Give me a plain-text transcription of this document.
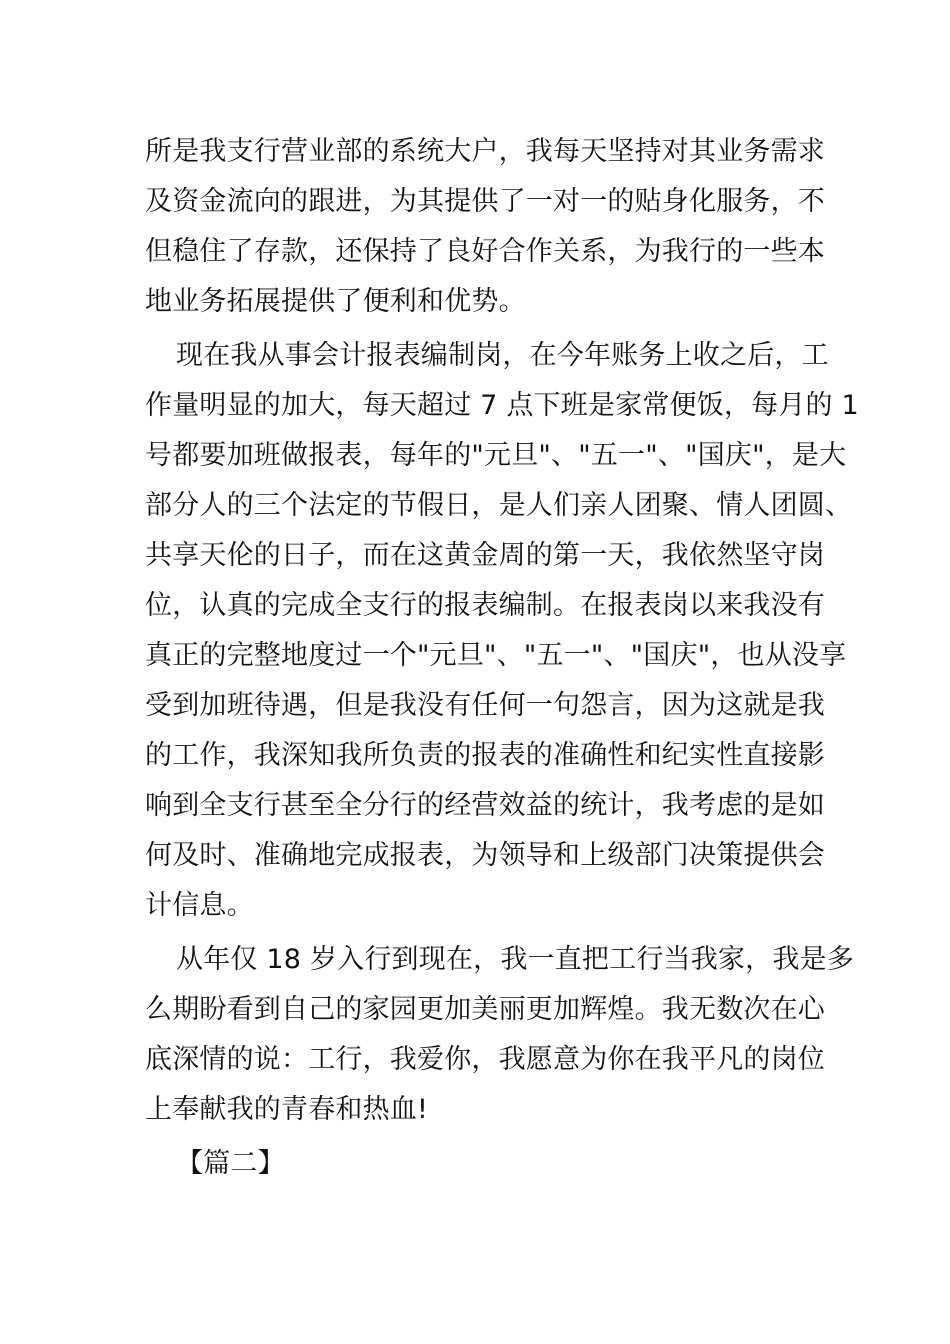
所是我支行营业部的系统大户，我每天坚持对其业务需求
及资金流向的跟进，为其提供了一对一的贴身化服务，不
但稳住了存款，还保持了良好合作关系，为我行的一些本
地业务拓展提供了便利和优势。
现在我从事会计报表编制岗，在今年账务上收之后，工
作量明显的加大，每天超过 7 点下班是家常便饭，每月的 1
号都要加班做报表，每年的"元旦"、"五一"、"国庆"，是大
部分人的三个法定的节假日，是人们亲人团聚、情人团圆、
共享天伦的日子，而在这黄金周的第一天，我依然坚守岗
位，认真的完成全支行的报表编制。在报表岗以来我没有
真正的完整地度过一个"元旦"、"五一"、"国庆"，也从没享
受到加班待遇，但是我没有任何一句怨言，因为这就是我
的工作，我深知我所负责的报表的准确性和纪实性直接影
响到全支行甚至全分行的经营效益的统计，我考虑的是如
何及时、准确地完成报表，为领导和上级部门决策提供会
计信息。
从年仅 18 岁入行到现在，我一直把工行当我家，我是多
么期盼看到自己的家园更加美丽更加辉煌。我无数次在心
底深情的说：工行，我爱你，我愿意为你在我平凡的岗位
上奉献我的青春和热血!
【篇二】
